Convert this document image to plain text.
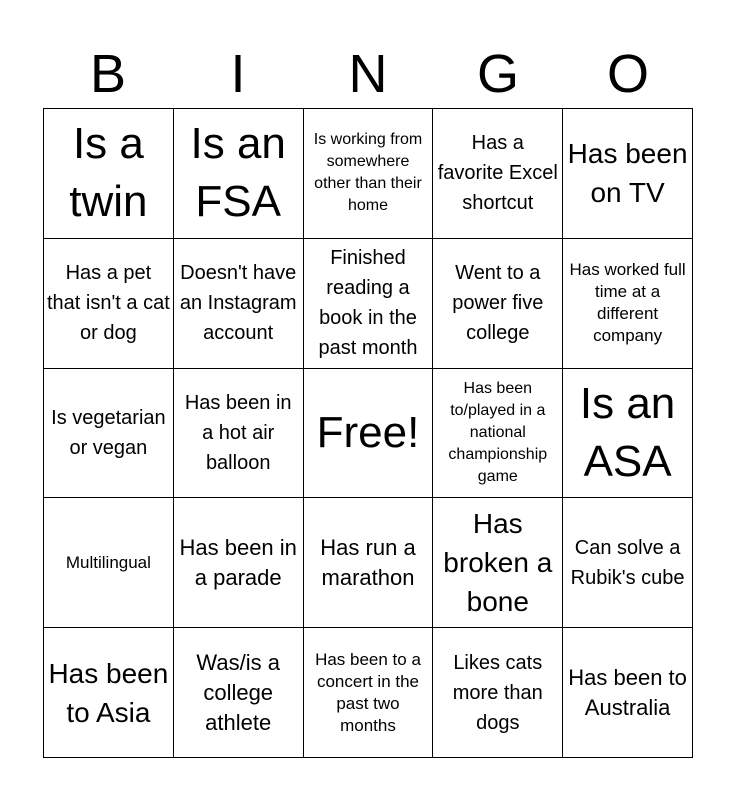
B	I	N	G	O
Is a twin	Is an FSA	Is working from somewhere other than their home	Has a favorite Excel shortcut	Has been on TV
Has a pet that isn't a cat or dog	Doesn't have an Instagram account	Finished reading a book in the past month	Went to a power five college	Has worked full time at a different company
Is vegetarian or vegan	Has been in a hot air balloon	Free!	Has been to/played in a national championship game	Is an ASA
Multilingual	Has been in a parade	Has run a marathon	Has broken a bone	Can solve a Rubik's cube
Has been to Asia	Was/is a college athlete	Has been to a concert in the past two months	Likes cats more than dogs	Has been to Australia
